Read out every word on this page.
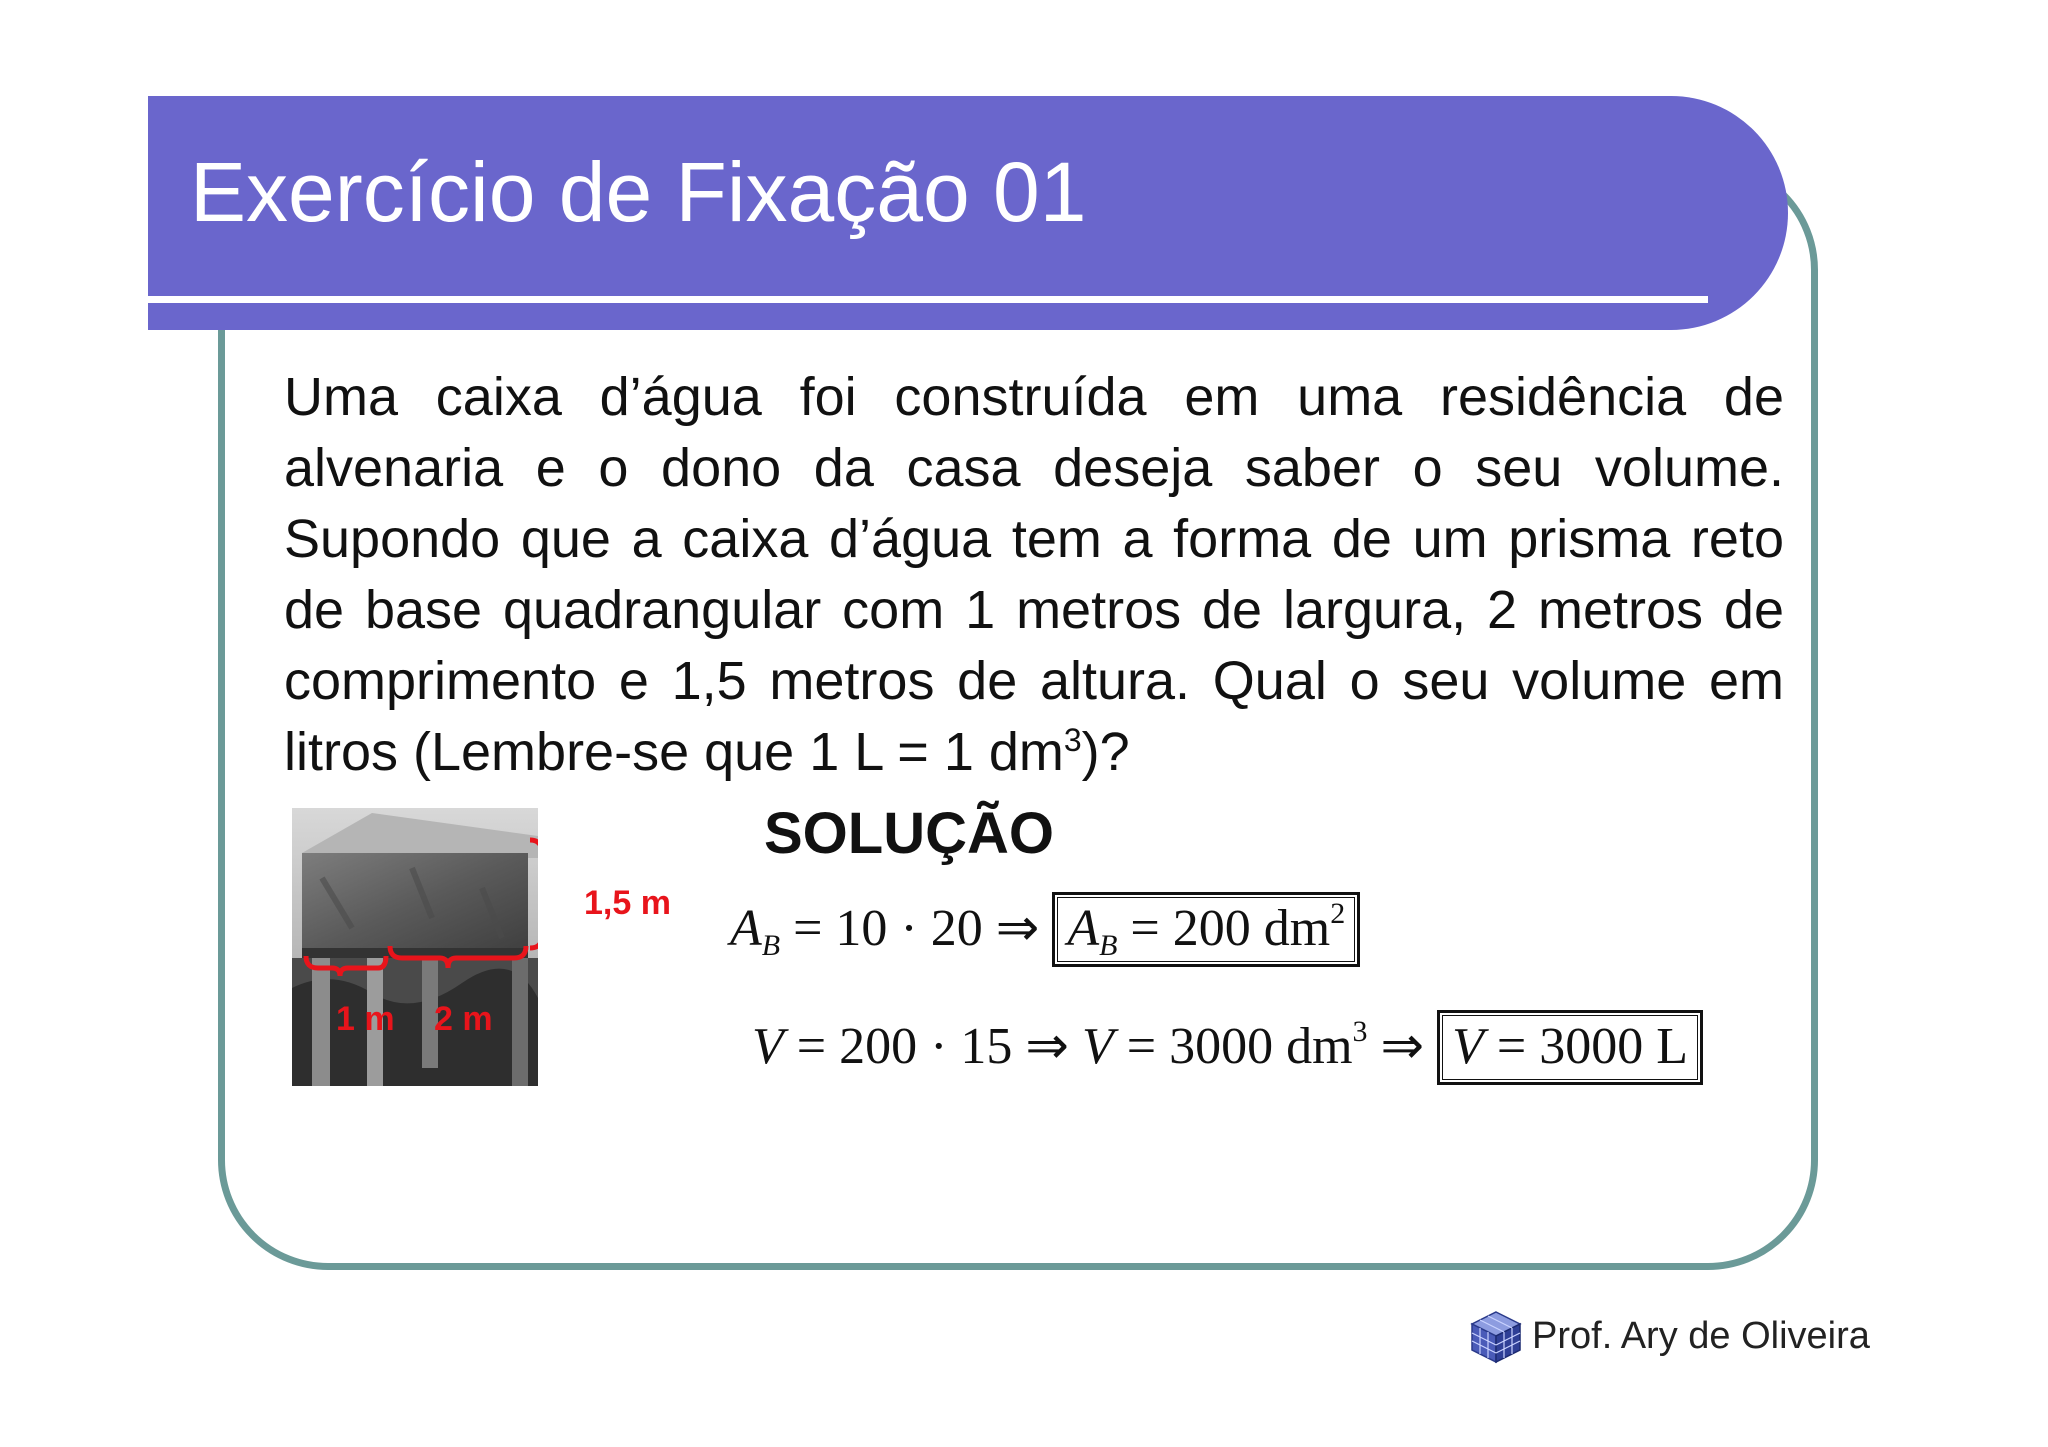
Exercício de Fixação 01
Uma caixa d’água foi construída em uma residência de alvenaria e o dono da casa deseja saber o seu volume. Supondo que a caixa d’água tem a forma de um prisma reto de base quadrangular com 1 metros de largura, 2 metros de comprimento e 1,5 metros de altura. Qual o seu volume em litros (Lembre-se que 1 L = 1 $dm^3$)?
1,5 m
1 m 2 m
SOLUÇÃO
$A_B = 10 \cdot 20$ ⇒ $A_B = 200$ $dm^2$
V = 200 · 15 ⇒ V = 3000 $dm^3$ ⇒ V = 3000 L
Prof. Ary de Oliveira
